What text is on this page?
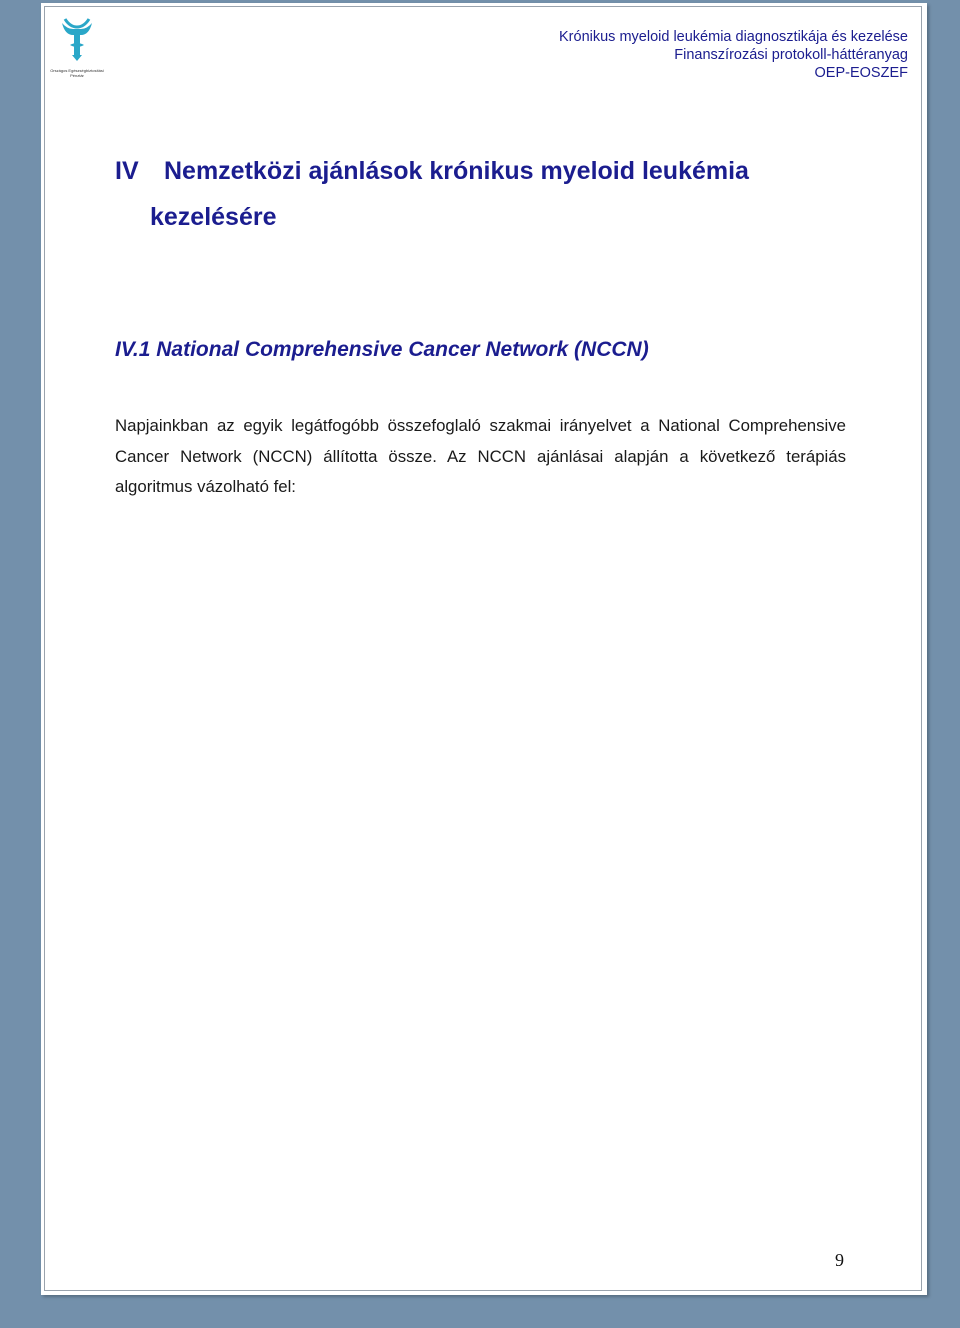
Országos Egészségbiztosítási Pénztár
Krónikus myeloid leukémia diagnosztikája és kezelése
Finanszírozási protokoll-háttéranyag
OEP-EOSZEF
IV Nemzetközi ajánlások krónikus myeloid leukémia
kezelésére
IV.1 National Comprehensive Cancer Network (NCCN)
Napjainkban az egyik legátfogóbb összefoglaló szakmai irányelvet a National Comprehensive Cancer Network (NCCN) állította össze. Az NCCN ajánlásai alapján a következő terápiás algoritmus vázolható fel:
9
